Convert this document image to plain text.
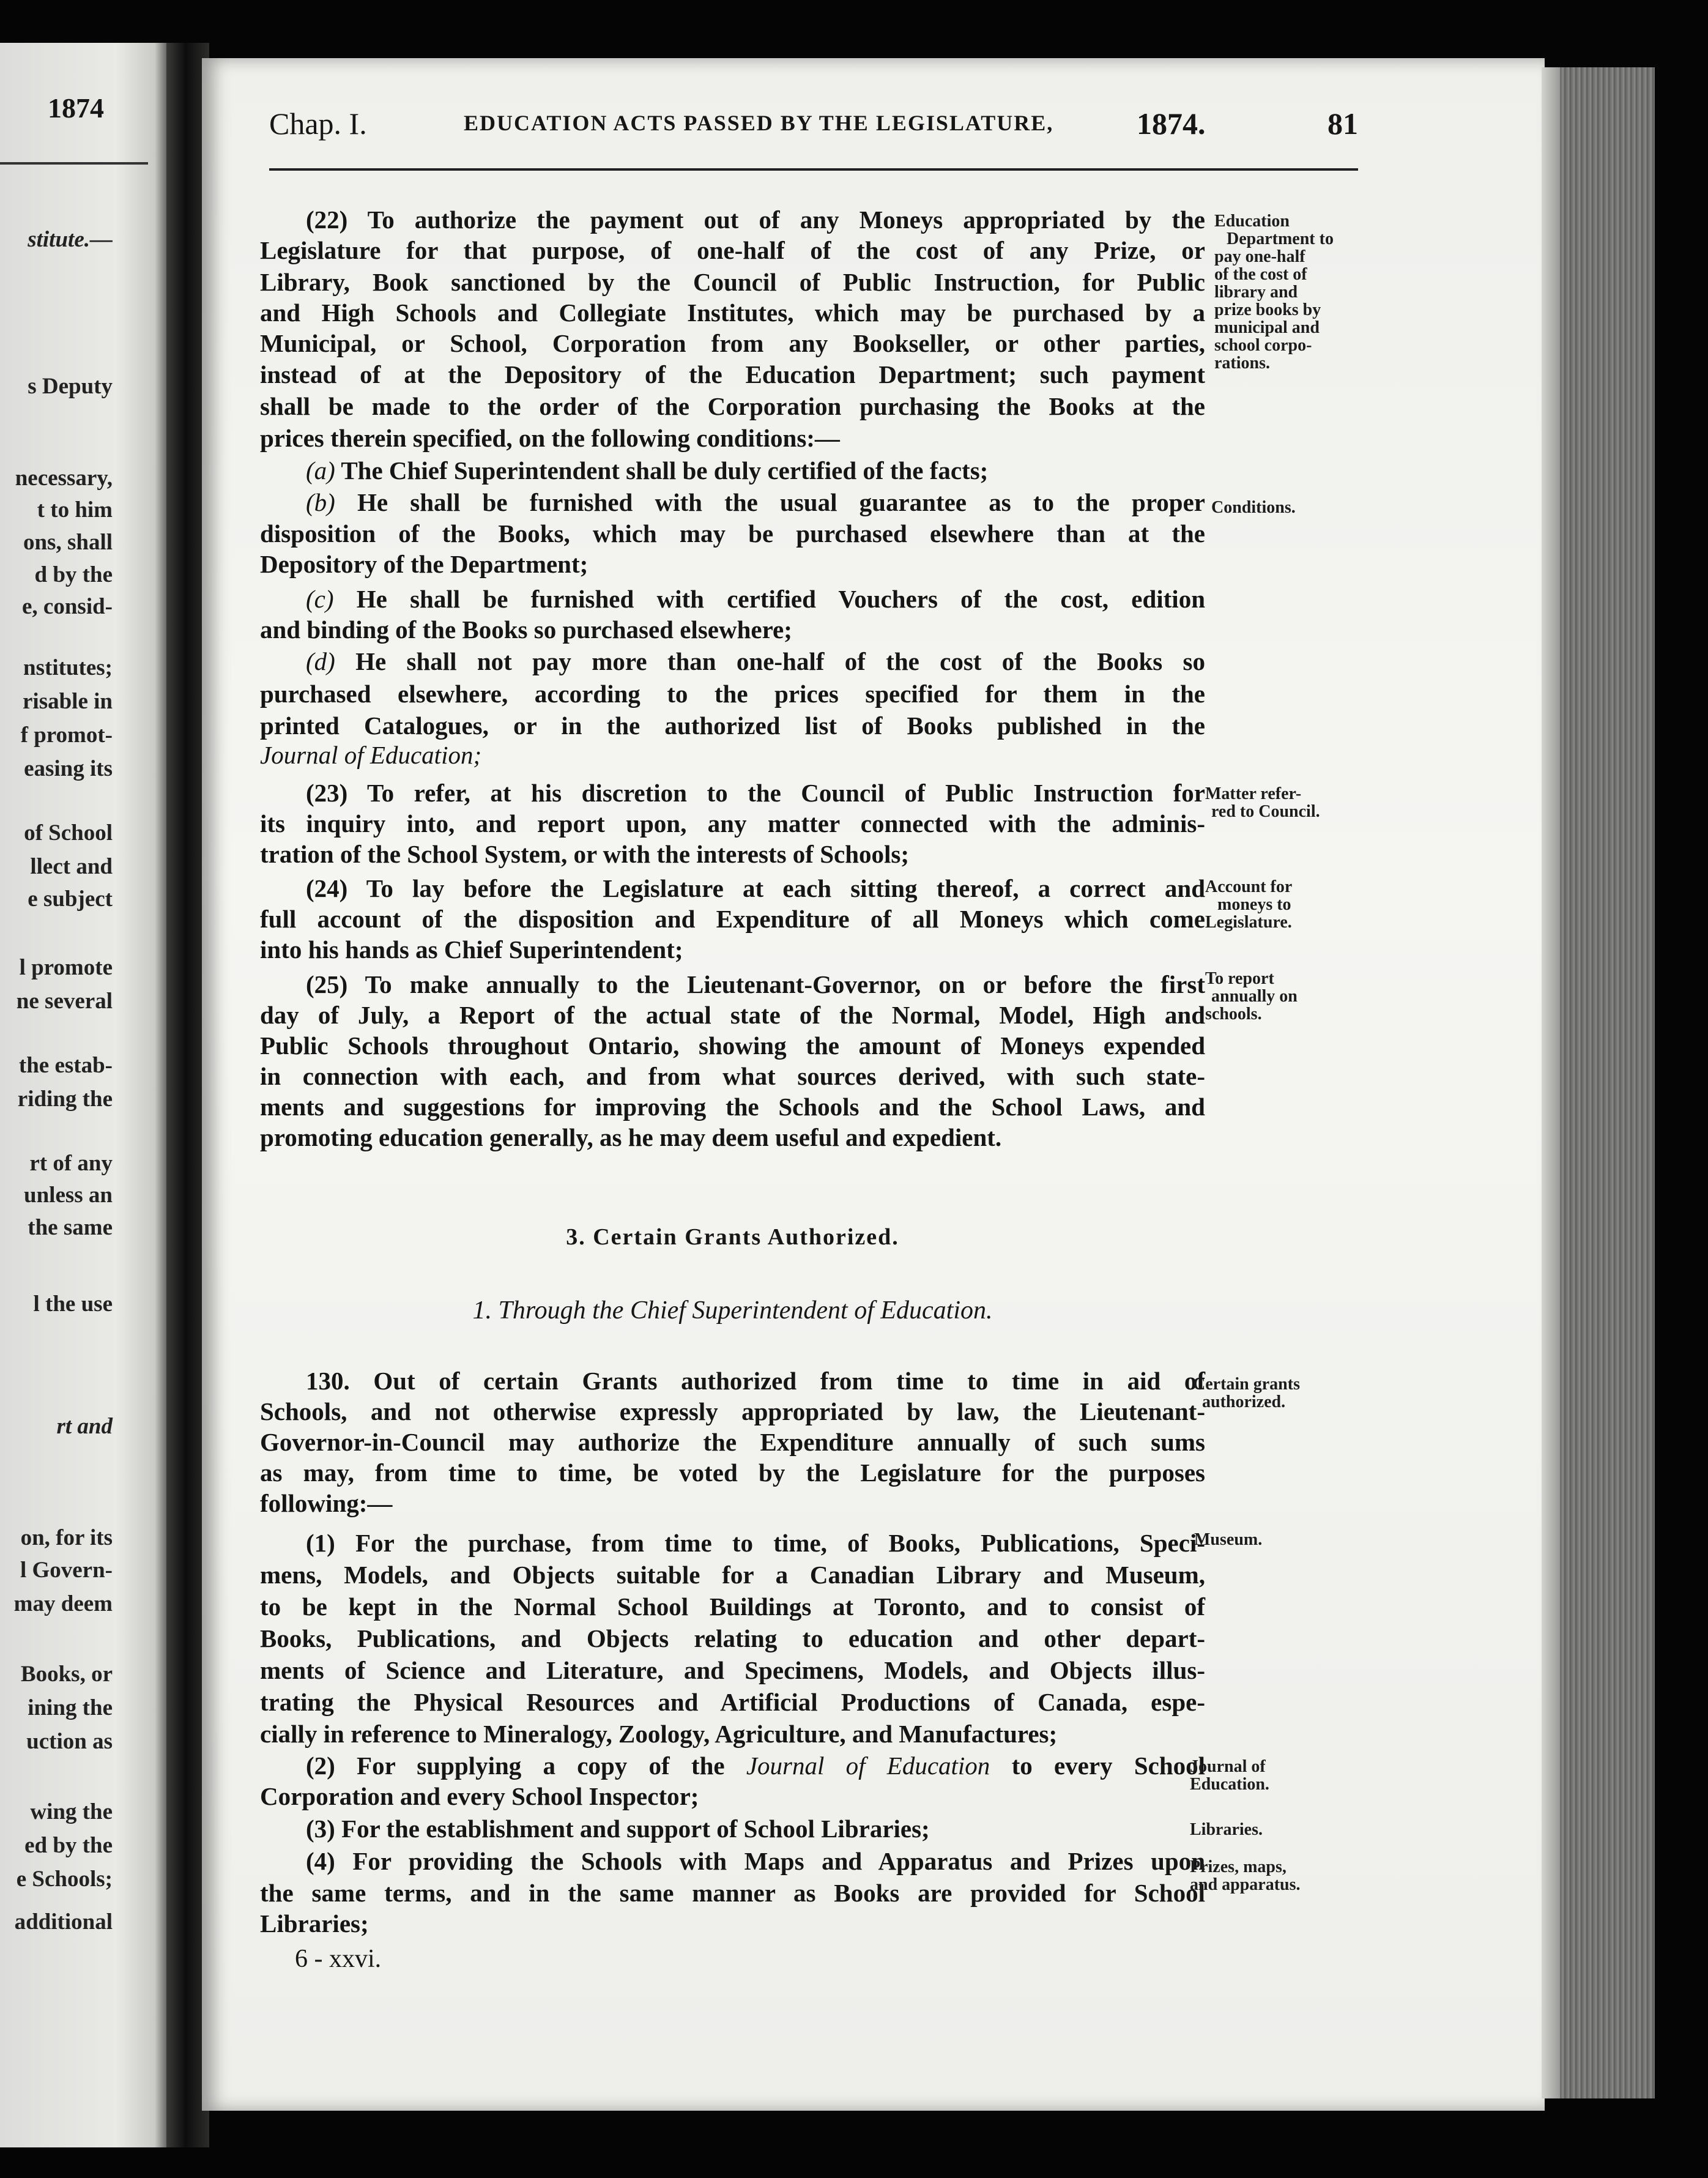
1874
stitute.—
s Deputy
necessary,
t to him
ons, shall
d by the
e, consid-
nstitutes;
risable in
f promot-
easing its
of School
llect and
e subject
l promote
ne several
the estab-
riding the
rt of any
unless an
the same
l the use
rt and
on, for its
l Govern-
may deem
Books, or
ining the
uction as
wing the
ed by the
e Schools;
additional
Chap. I.	EDUCATION ACTS PASSED BY THE LEGISLATURE,	1874.	81

(22) To authorize the payment out of any Moneys appropriated by the

Legislature for that purpose, of one-half of the cost of any Prize, or

Library, Book sanctioned by the Council of Public Instruction, for Public

and High Schools and Collegiate Institutes, which may be purchased by a

Municipal, or School, Corporation from any Bookseller, or other parties,

instead of at the Depository of the Education Department; such payment

shall be made to the order of the Corporation purchasing the Books at the

prices therein specified, on the following conditions:—

(a) The Chief Superintendent shall be duly certified of the facts;

(b) He shall be furnished with the usual guarantee as to the proper

disposition of the Books, which may be purchased elsewhere than at the

Depository of the Department;

(c) He shall be furnished with certified Vouchers of the cost, edition

and binding of the Books so purchased elsewhere;

(d) He shall not pay more than one-half of the cost of the Books so

purchased elsewhere, according to the prices specified for them in the

printed Catalogues, or in the authorized list of Books published in the

Journal of Education;

(23) To refer, at his discretion to the Council of Public Instruction for

its inquiry into, and report upon, any matter connected with the adminis-

tration of the School System, or with the interests of Schools;

(24) To lay before the Legislature at each sitting thereof, a correct and

full account of the disposition and Expenditure of all Moneys which come

into his hands as Chief Superintendent;

(25) To make annually to the Lieutenant-Governor, on or before the first

day of July, a Report of the actual state of the Normal, Model, High and

Public Schools throughout Ontario, showing the amount of Moneys expended

in connection with each, and from what sources derived, with such state-

ments and suggestions for improving the Schools and the School Laws, and

promoting education generally, as he may deem useful and expedient.

3. Certain Grants Authorized.
1. Through the Chief Superintendent of Education.

130. Out of certain Grants authorized from time to time in aid of

Schools, and not otherwise expressly appropriated by law, the Lieutenant-

Governor-in-Council may authorize the Expenditure annually of such sums

as may, from time to time, be voted by the Legislature for the purposes

following:—

(1) For the purchase, from time to time, of Books, Publications, Speci-

mens, Models, and Objects suitable for a Canadian Library and Museum,

to be kept in the Normal School Buildings at Toronto, and to consist of

Books, Publications, and Objects relating to education and other depart-

ments of Science and Literature, and Specimens, Models, and Objects illus-

trating the Physical Resources and Artificial Productions of Canada, espe-

cially in reference to Mineralogy, Zoology, Agriculture, and Manufactures;

(2) For supplying a copy of the Journal of Education to every School

Corporation and every School Inspector;

(3) For the establishment and support of School Libraries;

(4) For providing the Schools with Maps and Apparatus and Prizes upon

the same terms, and in the same manner as Books are provided for School

Libraries;

6 - xxvi.
Education
Department to
pay one-half
of the cost of
library and
prize books by
municipal and
school corpo-
rations.
Conditions.
Matter refer-
red to Council.
Account for
moneys to
Legislature.
To report
annually on
schools.
Certain grants
authorized.
Museum.
Journal of
Education.
Libraries.
Prizes, maps,
and apparatus.
